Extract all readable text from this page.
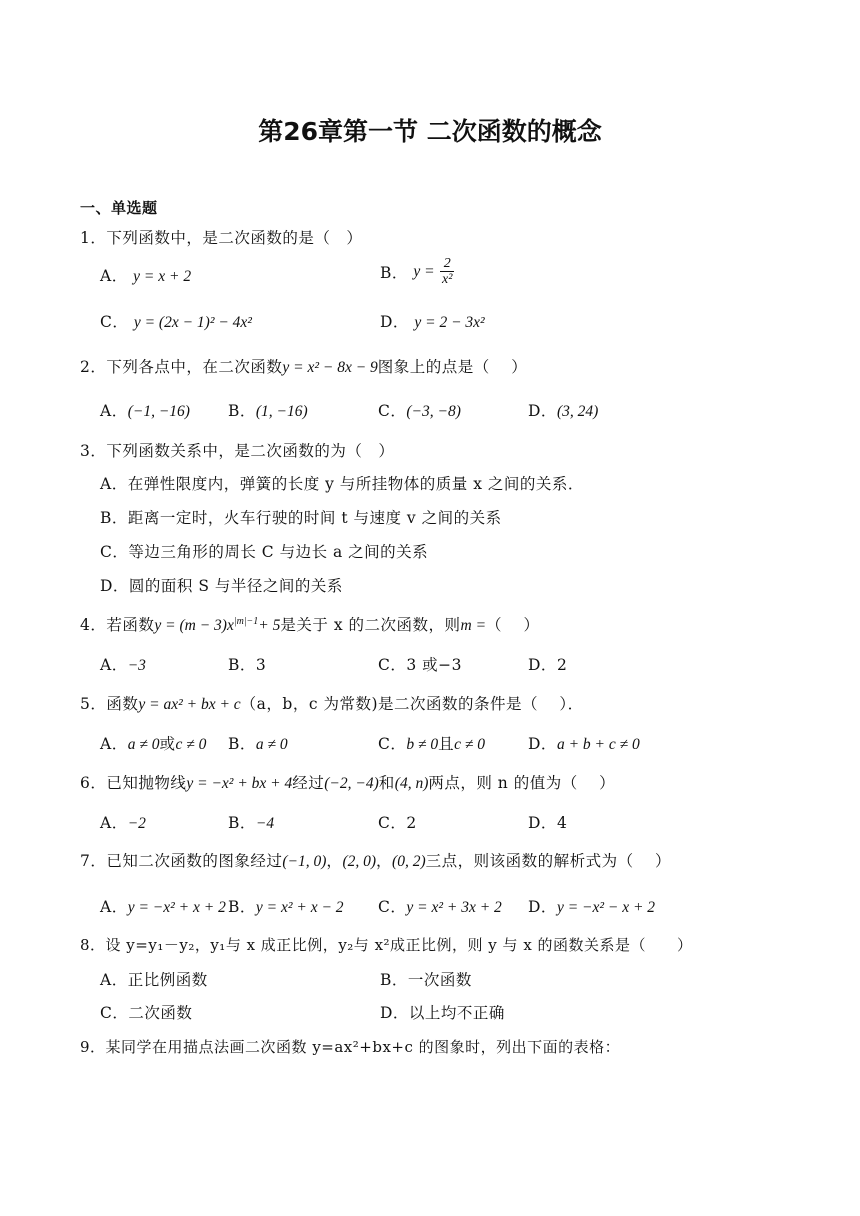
第26章第一节 二次函数的概念
一、单选题
1．下列函数中，是二次函数的是（　）
A． y = x + 2	B． $y = \frac{2}{\text{x²}}$
C． y = (2x − 1)² − 4x²	D． y = 2 − 3x²
2．下列各点中，在二次函数y = x² − 8x − 9图象上的点是（　 ）
A．(−1, −16) B．(1, −16)	C．(−3, −8)	D．(3, 24)
3．下列函数关系中，是二次函数的为（　）
A．在弹性限度内，弹簧的长度 y 与所挂物体的质量 x 之间的关系．
B．距离一定时，火车行驶的时间 t 与速度 v 之间的关系
C．等边三角形的周长 C 与边长 a 之间的关系
D．圆的面积 S 与半径之间的关系
4．若函数$y = (m - 3)x^{|m|-1}+ 5$是关于 x 的二次函数，则m =（　 ）
A．−3	B．3	C．3 或−3	D．2
5．函数y = ax² + bx + c（a，b，c 为常数)是二次函数的条件是（　 ）．
A．a ≠ 0或c ≠ 0 B．a ≠ 0	C．b ≠ 0且c ≠ 0	D．a + b + c ≠ 0
6．已知抛物线y = −x² + bx + 4经过(−2, −4)和(4, n)两点，则 n 的值为（　 ）
A．−2	B．−4	C．2	D．4
7．已知二次函数的图象经过(−1, 0)，(2, 0)，(0, 2)三点，则该函数的解析式为（　 ）
A．y = −x² + x + 2 B．y = x² + x − 2 C．y = x² + 3x + 2 D．y = −x² − x + 2
8．设 y=y₁－y₂，y₁与 x 成正比例，y₂与 x²成正比例，则 y 与 x 的函数关系是（　　）
A．正比例函数	B．一次函数
C．二次函数	D．以上均不正确
9．某同学在用描点法画二次函数 y=ax²+bx+c 的图象时，列出下面的表格：
